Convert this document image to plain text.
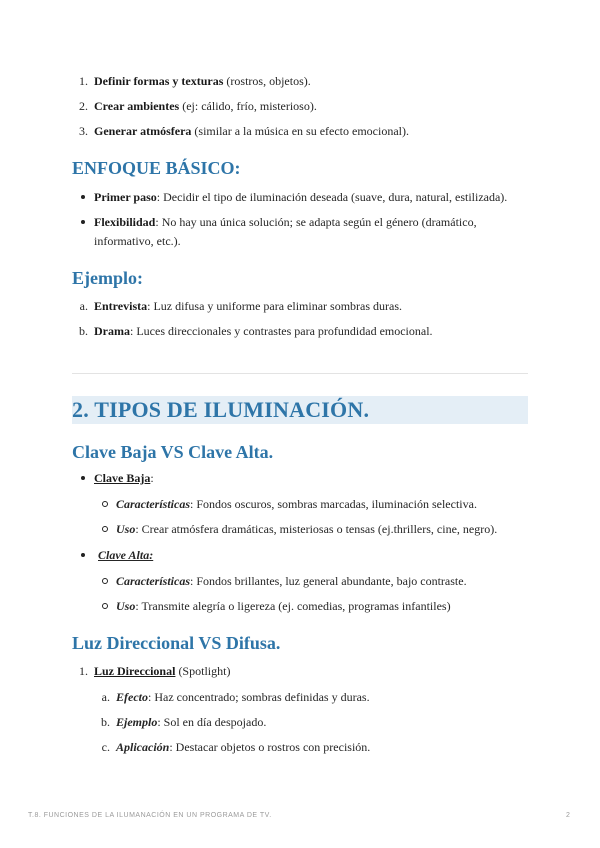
1. Definir formas y texturas (rostros, objetos).
2. Crear ambientes (ej: cálido, frío, misterioso).
3. Generar atmósfera (similar a la música en su efecto emocional).
ENFOQUE BÁSICO:
Primer paso: Decidir el tipo de iluminación deseada (suave, dura, natural, estilizada).
Flexibilidad: No hay una única solución; se adapta según el género (dramático,
informativo, etc.).
Ejemplo:
a. Entrevista: Luz difusa y uniforme para eliminar sombras duras.
b. Drama: Luces direccionales y contrastes para profundidad emocional.
2. TIPOS DE ILUMINACIÓN.
Clave Baja VS Clave Alta.
Clave Baja:
Características: Fondos oscuros, sombras marcadas, iluminación selectiva.
Uso: Crear atmósfera dramáticas, misteriosas o tensas (ej.thrillers, cine, negro).
Clave Alta:
Características: Fondos brillantes, luz general abundante, bajo contraste.
Uso: Transmite alegría o ligereza (ej. comedias, programas infantiles)
Luz Direccional VS Difusa.
1. Luz Direccional (Spotlight)
a. Efecto: Haz concentrado; sombras definidas y duras.
b. Ejemplo: Sol en día despojado.
c. Aplicación: Destacar objetos o rostros con precisión.
T.8. FUNCIONES DE LA ILUMANACIÓN EN UN PROGRAMA DE TV.	2
